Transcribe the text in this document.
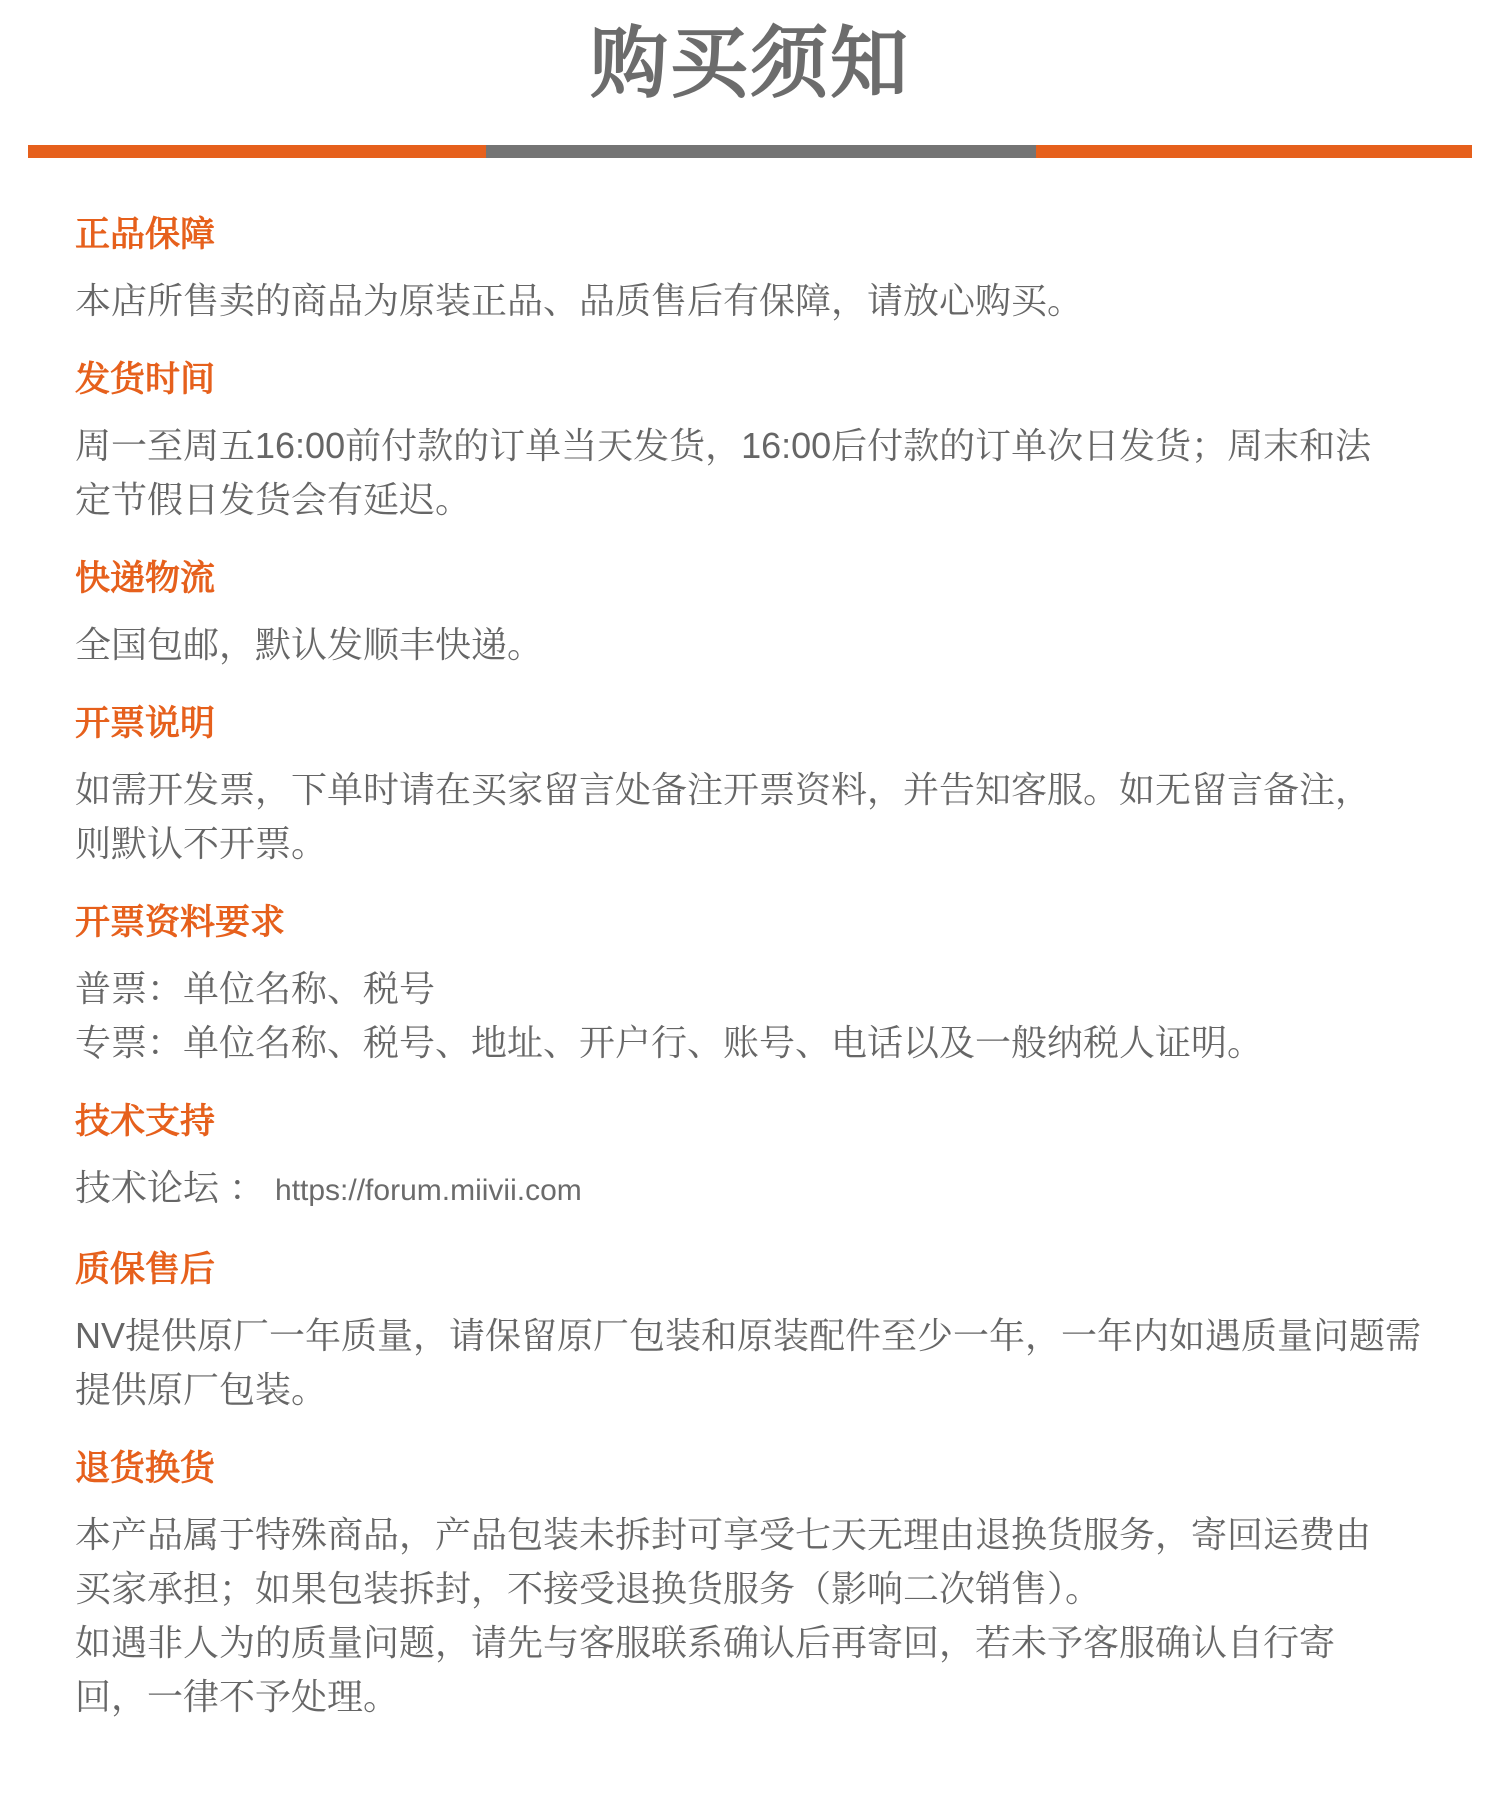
购买须知
正品保障
本店所售卖的商品为原装正品、品质售后有保障，请放心购买。
发货时间
周一至周五16:00前付款的订单当天发货，16:00后付款的订单次日发货；周末和法
定节假日发货会有延迟。
快递物流
全国包邮，默认发顺丰快递。
开票说明
如需开发票，下单时请在买家留言处备注开票资料，并告知客服。如无留言备注，
则默认不开票。
开票资料要求
普票：单位名称、税号
专票：单位名称、税号、地址、开户行、账号、电话以及一般纳税人证明。
技术支持
技术论坛 ： https://forum.miivii.com
质保售后
NV提供原厂一年质量，请保留原厂包装和原装配件至少一年，一年内如遇质量问题需
提供原厂包装。
退货换货
本产品属于特殊商品，产品包装未拆封可享受七天无理由退换货服务，寄回运费由
买家承担；如果包装拆封，不接受退换货服务（影响二次销售）。
如遇非人为的质量问题，请先与客服联系确认后再寄回，若未予客服确认自行寄
回，一律不予处理。
